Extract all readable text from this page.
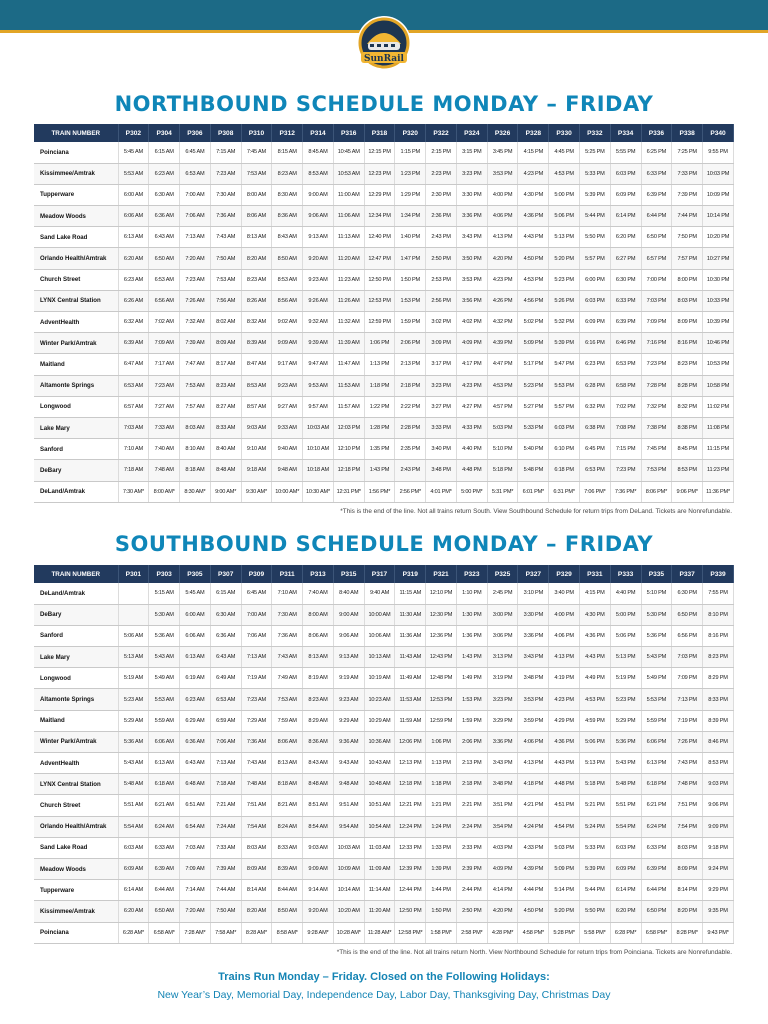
SunRail
NORTHBOUND SCHEDULE MONDAY – FRIDAY
TRAIN NUMBER	P302	P304	P306	P308	P310	P312	P314	P316	P318	P320	P322	P324	P326	P328	P330	P332	P334	P336	P338	P340
Poinciana	5:45 AM	6:15 AM	6:45 AM	7:15 AM	7:45 AM	8:15 AM	8:45 AM	10:45 AM	12:15 PM	1:15 PM	2:15 PM	3:15 PM	3:45 PM	4:15 PM	4:45 PM	5:25 PM	5:55 PM	6:25 PM	7:25 PM	9:55 PM
Kissimmee/Amtrak	5:53 AM	6:23 AM	6:53 AM	7:23 AM	7:53 AM	8:23 AM	8:53 AM	10:53 AM	12:23 PM	1:23 PM	2:23 PM	3:23 PM	3:53 PM	4:23 PM	4:53 PM	5:33 PM	6:03 PM	6:33 PM	7:33 PM	10:03 PM
Tupperware	6:00 AM	6:30 AM	7:00 AM	7:30 AM	8:00 AM	8:30 AM	9:00 AM	11:00 AM	12:29 PM	1:29 PM	2:30 PM	3:30 PM	4:00 PM	4:30 PM	5:00 PM	5:39 PM	6:09 PM	6:39 PM	7:39 PM	10:09 PM
Meadow Woods	6:06 AM	6:36 AM	7:06 AM	7:36 AM	8:06 AM	8:36 AM	9:06 AM	11:06 AM	12:34 PM	1:34 PM	2:36 PM	3:36 PM	4:06 PM	4:36 PM	5:06 PM	5:44 PM	6:14 PM	6:44 PM	7:44 PM	10:14 PM
Sand Lake Road	6:13 AM	6:43 AM	7:13 AM	7:43 AM	8:13 AM	8:43 AM	9:13 AM	11:13 AM	12:40 PM	1:40 PM	2:43 PM	3:43 PM	4:13 PM	4:43 PM	5:13 PM	5:50 PM	6:20 PM	6:50 PM	7:50 PM	10:20 PM
Orlando Health/Amtrak	6:20 AM	6:50 AM	7:20 AM	7:50 AM	8:20 AM	8:50 AM	9:20 AM	11:20 AM	12:47 PM	1:47 PM	2:50 PM	3:50 PM	4:20 PM	4:50 PM	5:20 PM	5:57 PM	6:27 PM	6:57 PM	7:57 PM	10:27 PM
Church Street	6:23 AM	6:53 AM	7:23 AM	7:53 AM	8:23 AM	8:53 AM	9:23 AM	11:23 AM	12:50 PM	1:50 PM	2:53 PM	3:53 PM	4:23 PM	4:53 PM	5:23 PM	6:00 PM	6:30 PM	7:00 PM	8:00 PM	10:30 PM
LYNX Central Station	6:26 AM	6:56 AM	7:26 AM	7:56 AM	8:26 AM	8:56 AM	9:26 AM	11:26 AM	12:53 PM	1:53 PM	2:56 PM	3:56 PM	4:26 PM	4:56 PM	5:26 PM	6:03 PM	6:33 PM	7:03 PM	8:03 PM	10:33 PM
AdventHealth	6:32 AM	7:02 AM	7:32 AM	8:02 AM	8:32 AM	9:02 AM	9:32 AM	11:32 AM	12:59 PM	1:59 PM	3:02 PM	4:02 PM	4:32 PM	5:02 PM	5:32 PM	6:09 PM	6:39 PM	7:09 PM	8:09 PM	10:39 PM
Winter Park/Amtrak	6:39 AM	7:09 AM	7:39 AM	8:09 AM	8:39 AM	9:09 AM	9:39 AM	11:39 AM	1:06 PM	2:06 PM	3:09 PM	4:09 PM	4:39 PM	5:09 PM	5:39 PM	6:16 PM	6:46 PM	7:16 PM	8:16 PM	10:46 PM
Maitland	6:47 AM	7:17 AM	7:47 AM	8:17 AM	8:47 AM	9:17 AM	9:47 AM	11:47 AM	1:13 PM	2:13 PM	3:17 PM	4:17 PM	4:47 PM	5:17 PM	5:47 PM	6:23 PM	6:53 PM	7:23 PM	8:23 PM	10:53 PM
Altamonte Springs	6:53 AM	7:23 AM	7:53 AM	8:23 AM	8:53 AM	9:23 AM	9:53 AM	11:53 AM	1:18 PM	2:18 PM	3:23 PM	4:23 PM	4:53 PM	5:23 PM	5:53 PM	6:28 PM	6:58 PM	7:28 PM	8:28 PM	10:58 PM
Longwood	6:57 AM	7:27 AM	7:57 AM	8:27 AM	8:57 AM	9:27 AM	9:57 AM	11:57 AM	1:22 PM	2:22 PM	3:27 PM	4:27 PM	4:57 PM	5:27 PM	5:57 PM	6:32 PM	7:02 PM	7:32 PM	8:32 PM	11:02 PM
Lake Mary	7:03 AM	7:33 AM	8:03 AM	8:33 AM	9:03 AM	9:33 AM	10:03 AM	12:03 PM	1:28 PM	2:28 PM	3:33 PM	4:33 PM	5:03 PM	5:33 PM	6:03 PM	6:38 PM	7:08 PM	7:38 PM	8:38 PM	11:08 PM
Sanford	7:10 AM	7:40 AM	8:10 AM	8:40 AM	9:10 AM	9:40 AM	10:10 AM	12:10 PM	1:35 PM	2:35 PM	3:40 PM	4:40 PM	5:10 PM	5:40 PM	6:10 PM	6:45 PM	7:15 PM	7:45 PM	8:45 PM	11:15 PM
DeBary	7:18 AM	7:48 AM	8:18 AM	8:48 AM	9:18 AM	9:48 AM	10:18 AM	12:18 PM	1:43 PM	2:43 PM	3:48 PM	4:48 PM	5:18 PM	5:48 PM	6:18 PM	6:53 PM	7:23 PM	7:53 PM	8:53 PM	11:23 PM
DeLand/Amtrak	7:30 AM*	8:00 AM*	8:30 AM*	9:00 AM*	9:30 AM*	10:00 AM*	10:30 AM*	12:31 PM*	1:56 PM*	2:56 PM*	4:01 PM*	5:00 PM*	5:31 PM*	6:01 PM*	6:31 PM*	7:06 PM*	7:36 PM*	8:06 PM*	9:06 PM*	11:36 PM*
*This is the end of the line. Not all trains return South. View Southbound Schedule for return trips from DeLand. Tickets are Nonrefundable.
SOUTHBOUND SCHEDULE MONDAY – FRIDAY
TRAIN NUMBER	P301	P303	P305	P307	P309	P311	P313	P315	P317	P319	P321	P323	P325	P327	P329	P331	P333	P335	P337	P339
DeLand/Amtrak		5:15 AM	5:45 AM	6:15 AM	6:45 AM	7:10 AM	7:40 AM	8:40 AM	9:40 AM	11:15 AM	12:10 PM	1:10 PM	2:45 PM	3:10 PM	3:40 PM	4:15 PM	4:40 PM	5:10 PM	6:30 PM	7:55 PM
DeBary		5:30 AM	6:00 AM	6:30 AM	7:00 AM	7:30 AM	8:00 AM	9:00 AM	10:00 AM	11:30 AM	12:30 PM	1:30 PM	3:00 PM	3:30 PM	4:00 PM	4:30 PM	5:00 PM	5:30 PM	6:50 PM	8:10 PM
Sanford	5:06 AM	5:36 AM	6:06 AM	6:36 AM	7:06 AM	7:36 AM	8:06 AM	9:06 AM	10:06 AM	11:36 AM	12:36 PM	1:36 PM	3:06 PM	3:36 PM	4:06 PM	4:36 PM	5:06 PM	5:36 PM	6:56 PM	8:16 PM
Lake Mary	5:13 AM	5:43 AM	6:13 AM	6:43 AM	7:13 AM	7:43 AM	8:13 AM	9:13 AM	10:13 AM	11:43 AM	12:43 PM	1:43 PM	3:13 PM	3:43 PM	4:13 PM	4:43 PM	5:13 PM	5:43 PM	7:03 PM	8:23 PM
Longwood	5:19 AM	5:49 AM	6:19 AM	6:49 AM	7:19 AM	7:49 AM	8:19 AM	9:19 AM	10:19 AM	11:49 AM	12:48 PM	1:49 PM	3:19 PM	3:48 PM	4:19 PM	4:49 PM	5:19 PM	5:49 PM	7:09 PM	8:29 PM
Altamonte Springs	5:23 AM	5:53 AM	6:23 AM	6:53 AM	7:23 AM	7:53 AM	8:23 AM	9:23 AM	10:23 AM	11:53 AM	12:53 PM	1:53 PM	3:23 PM	3:53 PM	4:23 PM	4:53 PM	5:23 PM	5:53 PM	7:13 PM	8:33 PM
Maitland	5:29 AM	5:59 AM	6:29 AM	6:59 AM	7:29 AM	7:59 AM	8:29 AM	9:29 AM	10:29 AM	11:59 AM	12:59 PM	1:59 PM	3:29 PM	3:59 PM	4:29 PM	4:59 PM	5:29 PM	5:59 PM	7:19 PM	8:39 PM
Winter Park/Amtrak	5:36 AM	6:06 AM	6:36 AM	7:06 AM	7:36 AM	8:06 AM	8:36 AM	9:36 AM	10:36 AM	12:06 PM	1:06 PM	2:06 PM	3:36 PM	4:06 PM	4:36 PM	5:06 PM	5:36 PM	6:06 PM	7:26 PM	8:46 PM
AdventHealth	5:43 AM	6:13 AM	6:43 AM	7:13 AM	7:43 AM	8:13 AM	8:43 AM	9:43 AM	10:43 AM	12:13 PM	1:13 PM	2:13 PM	3:43 PM	4:13 PM	4:43 PM	5:13 PM	5:43 PM	6:13 PM	7:43 PM	8:53 PM
LYNX Central Station	5:48 AM	6:18 AM	6:48 AM	7:18 AM	7:48 AM	8:18 AM	8:48 AM	9:48 AM	10:48 AM	12:18 PM	1:18 PM	2:18 PM	3:48 PM	4:18 PM	4:48 PM	5:18 PM	5:48 PM	6:18 PM	7:48 PM	9:03 PM
Church Street	5:51 AM	6:21 AM	6:51 AM	7:21 AM	7:51 AM	8:21 AM	8:51 AM	9:51 AM	10:51 AM	12:21 PM	1:21 PM	2:21 PM	3:51 PM	4:21 PM	4:51 PM	5:21 PM	5:51 PM	6:21 PM	7:51 PM	9:06 PM
Orlando Health/Amtrak	5:54 AM	6:24 AM	6:54 AM	7:24 AM	7:54 AM	8:24 AM	8:54 AM	9:54 AM	10:54 AM	12:24 PM	1:24 PM	2:24 PM	3:54 PM	4:24 PM	4:54 PM	5:24 PM	5:54 PM	6:24 PM	7:54 PM	9:09 PM
Sand Lake Road	6:03 AM	6:33 AM	7:03 AM	7:33 AM	8:03 AM	8:33 AM	9:03 AM	10:03 AM	11:03 AM	12:33 PM	1:33 PM	2:33 PM	4:03 PM	4:33 PM	5:03 PM	5:33 PM	6:03 PM	6:33 PM	8:03 PM	9:18 PM
Meadow Woods	6:09 AM	6:39 AM	7:09 AM	7:39 AM	8:09 AM	8:39 AM	9:09 AM	10:09 AM	11:09 AM	12:39 PM	1:39 PM	2:39 PM	4:09 PM	4:39 PM	5:09 PM	5:39 PM	6:09 PM	6:39 PM	8:09 PM	9:24 PM
Tupperware	6:14 AM	6:44 AM	7:14 AM	7:44 AM	8:14 AM	8:44 AM	9:14 AM	10:14 AM	11:14 AM	12:44 PM	1:44 PM	2:44 PM	4:14 PM	4:44 PM	5:14 PM	5:44 PM	6:14 PM	6:44 PM	8:14 PM	9:29 PM
Kissimmee/Amtrak	6:20 AM	6:50 AM	7:20 AM	7:50 AM	8:20 AM	8:50 AM	9:20 AM	10:20 AM	11:20 AM	12:50 PM	1:50 PM	2:50 PM	4:20 PM	4:50 PM	5:20 PM	5:50 PM	6:20 PM	6:50 PM	8:20 PM	9:35 PM
Poinciana	6:28 AM*	6:58 AM*	7:28 AM*	7:58 AM*	8:28 AM*	8:58 AM*	9:28 AM*	10:28 AM*	11:28 AM*	12:58 PM*	1:58 PM*	2:58 PM*	4:28 PM*	4:58 PM*	5:28 PM*	5:58 PM*	6:28 PM*	6:58 PM*	8:28 PM*	9:43 PM*
*This is the end of the line. Not all trains return North. View Northbound Schedule for return trips from Poinciana. Tickets are Nonrefundable.
Trains Run Monday – Friday. Closed on the Following Holidays:
New Year’s Day, Memorial Day, Independence Day, Labor Day, Thanksgiving Day, Christmas Day
